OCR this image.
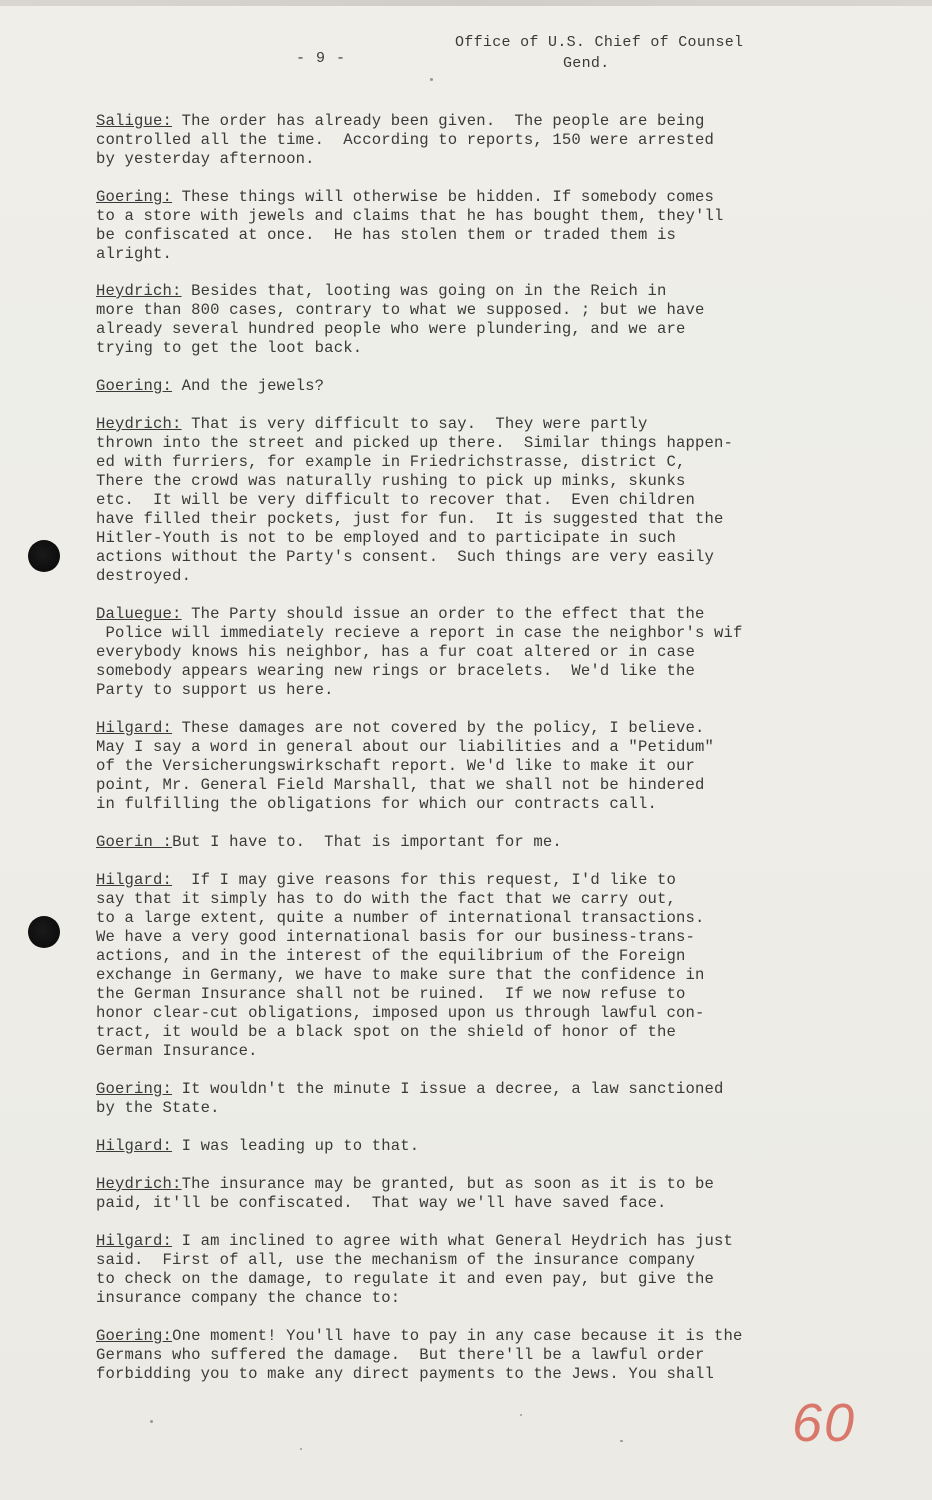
Office of U.S. Chief of Counsel
Gend.
- 9 -
Saligue: The order has already been given.  The people are being
controlled all the time.  According to reports, 150 were arrested
by yesterday afternoon.
Goering: These things will otherwise be hidden. If somebody comes
to a store with jewels and claims that he has bought them, they'll
be confiscated at once.  He has stolen them or traded them is
alright.
Heydrich: Besides that, looting was going on in the Reich in
more than 800 cases, contrary to what we supposed. ; but we have
already several hundred people who were plundering, and we are
trying to get the loot back.
Goering: And the jewels?
Heydrich: That is very difficult to say.  They were partly
thrown into the street and picked up there.  Similar things happen-
ed with furriers, for example in Friedrichstrasse, district C,
There the crowd was naturally rushing to pick up minks, skunks
etc.  It will be very difficult to recover that.  Even children
have filled their pockets, just for fun.  It is suggested that the
Hitler-Youth is not to be employed and to participate in such
actions without the Party's consent.  Such things are very easily
destroyed.
Daluegue: The Party should issue an order to the effect that the
Police will immediately recieve a report in case the neighbor's wif
everybody knows his neighbor, has a fur coat altered or in case
somebody appears wearing new rings or bracelets.  We'd like the
Party to support us here.
Hilgard: These damages are not covered by the policy, I believe.
May I say a word in general about our liabilities and a "Petidum"
of the Versicherungswirkschaft report. We'd like to make it our
point, Mr. General Field Marshall, that we shall not be hindered
in fulfilling the obligations for which our contracts call.
Goerin :But I have to.  That is important for me.
Hilgard:  If I may give reasons for this request, I'd like to
say that it simply has to do with the fact that we carry out,
to a large extent, quite a number of international transactions.
We have a very good international basis for our business-trans-
actions, and in the interest of the equilibrium of the Foreign
exchange in Germany, we have to make sure that the confidence in
the German Insurance shall not be ruined.  If we now refuse to
honor clear-cut obligations, imposed upon us through lawful con-
tract, it would be a black spot on the shield of honor of the
German Insurance.
Goering: It wouldn't the minute I issue a decree, a law sanctioned
by the State.
Hilgard: I was leading up to that.
Heydrich:The insurance may be granted, but as soon as it is to be
paid, it'll be confiscated.  That way we'll have saved face.
Hilgard: I am inclined to agree with what General Heydrich has just
said.  First of all, use the mechanism of the insurance company
to check on the damage, to regulate it and even pay, but give the
insurance company the chance to:
Goering:One moment! You'll have to pay in any case because it is the
Germans who suffered the damage.  But there'll be a lawful order
forbidding you to make any direct payments to the Jews. You shall
60
